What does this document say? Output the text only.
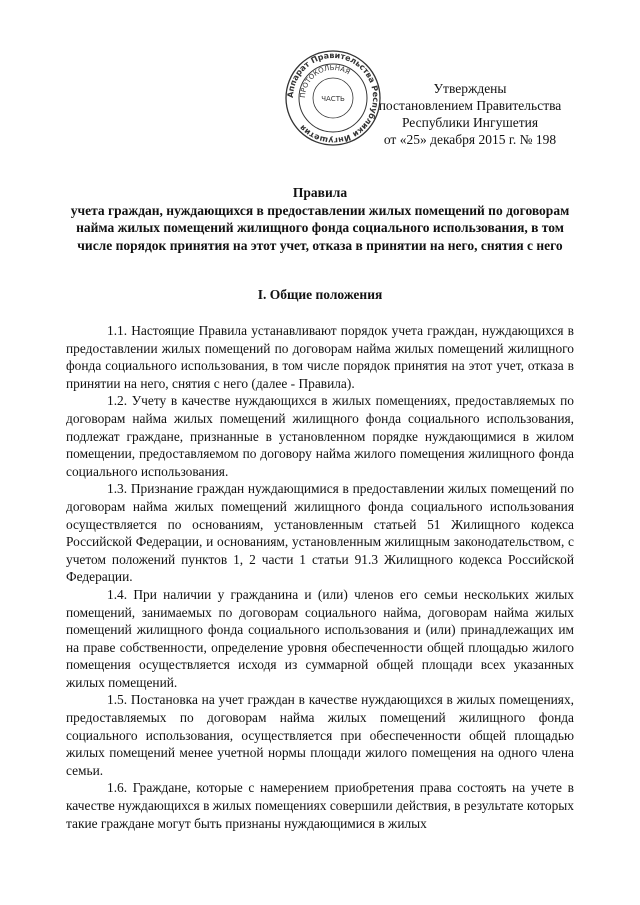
Аппарат Правительства Республики Ингушетия
ПРОТОКОЛЬНАЯ
ЧАСТЬ
Утверждены
постановлением Правительства
Республики Ингушетия
от «25» декабря 2015 г. № 198
Правила
учета граждан, нуждающихся в предоставлении жилых помещений по договорам найма жилых помещений жилищного фонда социального использования, в том числе порядок принятия на этот учет, отказа в принятии на него, снятия с него
I. Общие положения

1.1. Настоящие Правила устанавливают порядок учета граждан, нуждающихся в предоставлении жилых помещений по договорам найма жилых помещений жилищного фонда социального использования, в том числе порядок принятия на этот учет, отказа в принятии на него, снятия с него (далее - Правила).

1.2. Учету в качестве нуждающихся в жилых помещениях, предоставляемых по договорам найма жилых помещений жилищного фонда социального использования, подлежат граждане, признанные в установленном порядке нуждающимися в жилом помещении, предоставляемом по договору найма жилого помещения жилищного фонда социального использования.

1.3. Признание граждан нуждающимися в предоставлении жилых помещений по договорам найма жилых помещений жилищного фонда социального использования осуществляется по основаниям, установленным статьей 51 Жилищного кодекса Российской Федерации, и основаниям, установленным жилищным законодательством, с учетом положений пунктов 1, 2 части 1 статьи 91.3 Жилищного кодекса Российской Федерации.

1.4. При наличии у гражданина и (или) членов его семьи нескольких жилых помещений, занимаемых по договорам социального найма, договорам найма жилых помещений жилищного фонда социального использования и (или) принадлежащих им на праве собственности, определение уровня обеспеченности общей площадью жилого помещения осуществляется исходя из суммарной общей площади всех указанных жилых помещений.

1.5. Постановка на учет граждан в качестве нуждающихся в жилых помещениях, предоставляемых по договорам найма жилых помещений жилищного фонда социального использования, осуществляется при обеспеченности общей площадью жилых помещений менее учетной нормы площади жилого помещения на одного члена семьи.

1.6. Граждане, которые с намерением приобретения права состоять на учете в качестве нуждающихся в жилых помещениях совершили действия, в результате которых такие граждане могут быть признаны нуждающимися в жилых
